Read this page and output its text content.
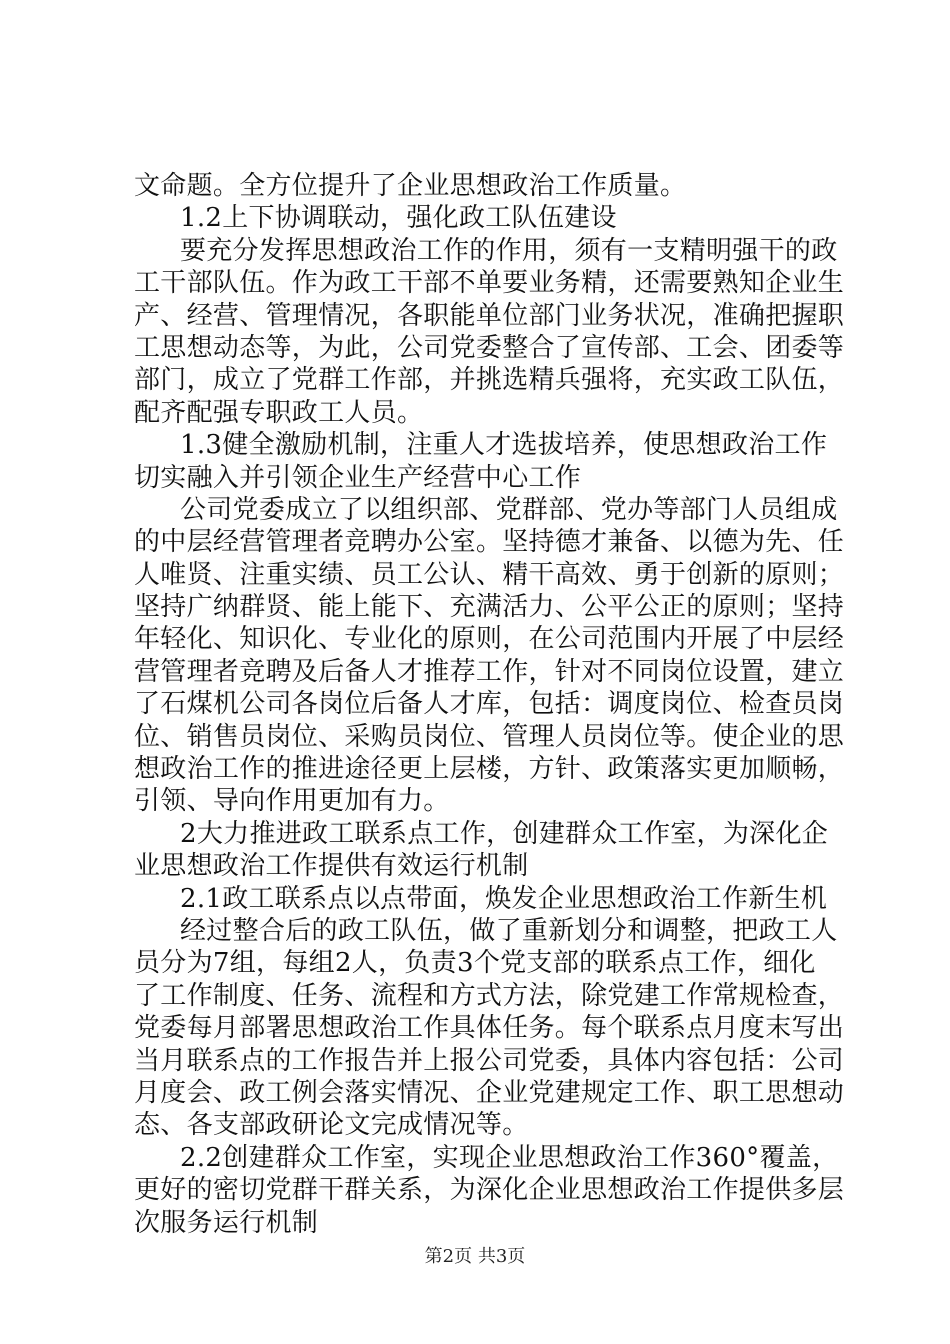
文命题。全方位提升了企业思想政治工作质量。
1.2上下协调联动，强化政工队伍建设
要充分发挥思想政治工作的作用，须有一支精明强干的政
工干部队伍。作为政工干部不单要业务精，还需要熟知企业生
产、经营、管理情况，各职能单位部门业务状况，准确把握职
工思想动态等，为此，公司党委整合了宣传部、工会、团委等
部门，成立了党群工作部，并挑选精兵强将，充实政工队伍，
配齐配强专职政工人员。
1.3健全激励机制，注重人才选拔培养，使思想政治工作
切实融入并引领企业生产经营中心工作
公司党委成立了以组织部、党群部、党办等部门人员组成
的中层经营管理者竞聘办公室。坚持德才兼备、以德为先、任
人唯贤、注重实绩、员工公认、精干高效、勇于创新的原则；
坚持广纳群贤、能上能下、充满活力、公平公正的原则；坚持
年轻化、知识化、专业化的原则，在公司范围内开展了中层经
营管理者竞聘及后备人才推荐工作，针对不同岗位设置，建立
了石煤机公司各岗位后备人才库，包括：调度岗位、检查员岗
位、销售员岗位、采购员岗位、管理人员岗位等。使企业的思
想政治工作的推进途径更上层楼，方针、政策落实更加顺畅，
引领、导向作用更加有力。
2大力推进政工联系点工作，创建群众工作室，为深化企
业思想政治工作提供有效运行机制
2.1政工联系点以点带面，焕发企业思想政治工作新生机
经过整合后的政工队伍，做了重新划分和调整，把政工人
员分为7组，每组2人，负责3个党支部的联系点工作，细化
了工作制度、任务、流程和方式方法，除党建工作常规检查，
党委每月部署思想政治工作具体任务。每个联系点月度末写出
当月联系点的工作报告并上报公司党委，具体内容包括：公司
月度会、政工例会落实情况、企业党建规定工作、职工思想动
态、各支部政研论文完成情况等。
2.2创建群众工作室，实现企业思想政治工作360°覆盖，
更好的密切党群干群关系，为深化企业思想政治工作提供多层
次服务运行机制
第2页 共3页
